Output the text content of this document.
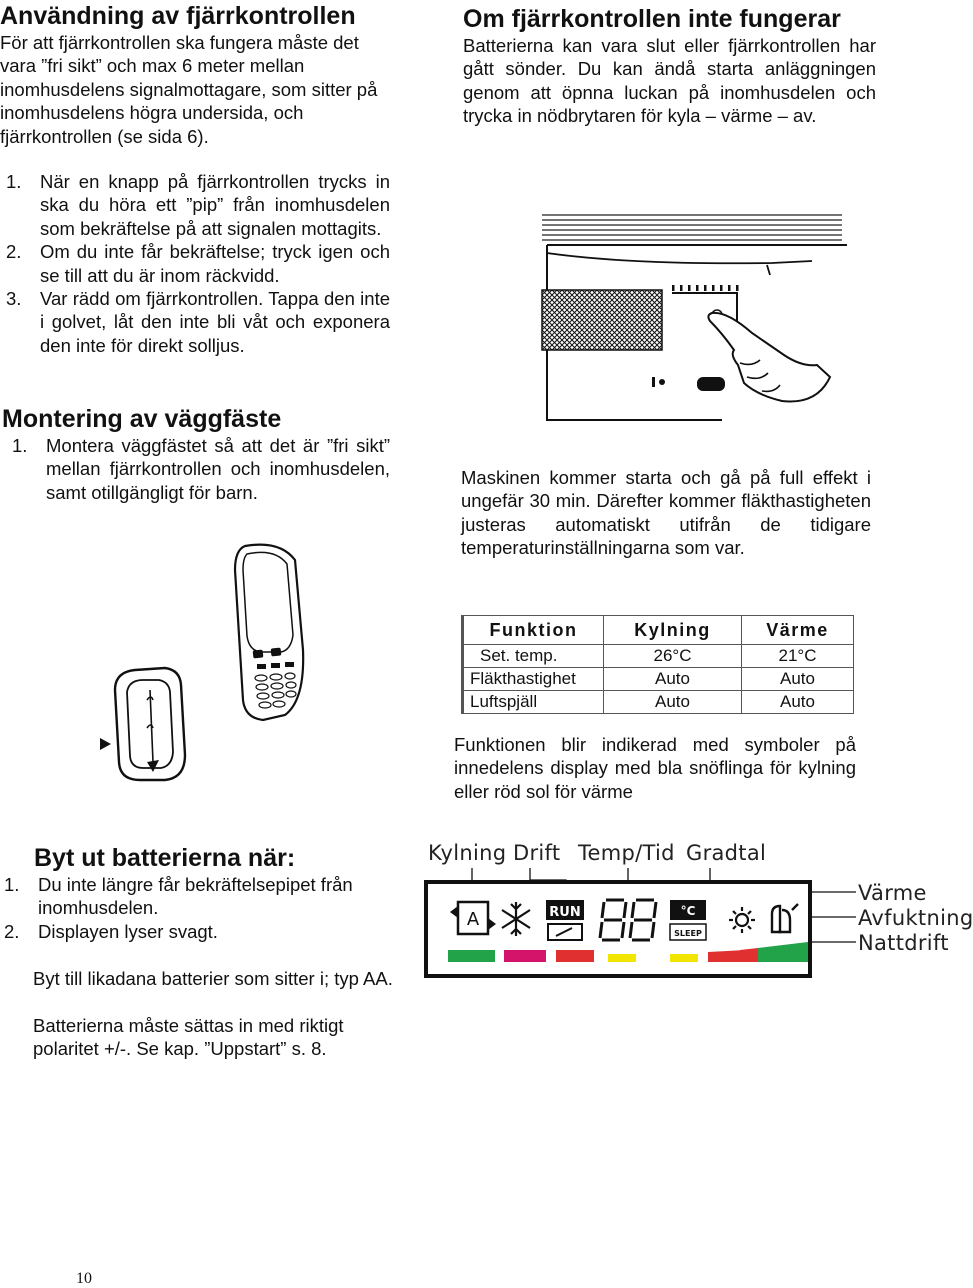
Användning av fjärrkontrollen

För att fjärrkontrollen ska fungera måste det vara ”fri sikt” och max 6 meter mellan inomhusdelens signalmottagare, som sitter på inomhusdelens högra undersida, och fjärrkontrollen (se sida 6).

1. När en knapp på fjärrkontrollen trycks in ska du höra ett ”pip” från inomhusdelen som bekräftelse på att signalen mottagits.
2. Om du inte får bekräftelse; tryck igen och se till att du är inom räckvidd.
3. Var rädd om fjärrkontrollen. Tappa den inte i golvet, låt den inte bli våt och exponera den inte för direkt solljus.
Montering av väggfäste
1. Montera väggfästet så att det är ”fri sikt” mellan fjärrkontrollen och inomhusdelen, samt otillgängligt för barn.
Byt ut batterierna när:
1. Du inte längre får bekräftelsepipet från inomhusdelen.
2. Displayen lyser svagt.

Byt till likadana batterier som sitter i; typ AA.

Batterierna måste sättas in med riktigt polaritet +/-. Se kap. ”Uppstart” s. 8.

10
Om fjärrkontrollen inte fungerar

Batterierna kan vara slut eller fjärrkontrollen har gått sönder. Du kan ändå starta anläggningen genom att öpnna luckan på inomhusdelen och trycka in nödbrytaren för kyla – värme – av.

Maskinen kommer starta och gå på full effekt i ungefär 30 min. Därefter kommer fläkthastigheten justeras automatiskt utifrån de tidigare temperaturinställningarna som var.

Funktion	Kylning	Värme
Set. temp.	26°C	21°C
Fläkthastighet	Auto	Auto
Luftspjäll	Auto	Auto

Funktionen blir indikerad med symboler på innedelens display med bla snöflinga för kylning eller röd sol för värme

Kylning Drift Temp/Tid Gradtal
Värme
Avfuktning
Nattdrift
A	RUN	°C
SLEEP
